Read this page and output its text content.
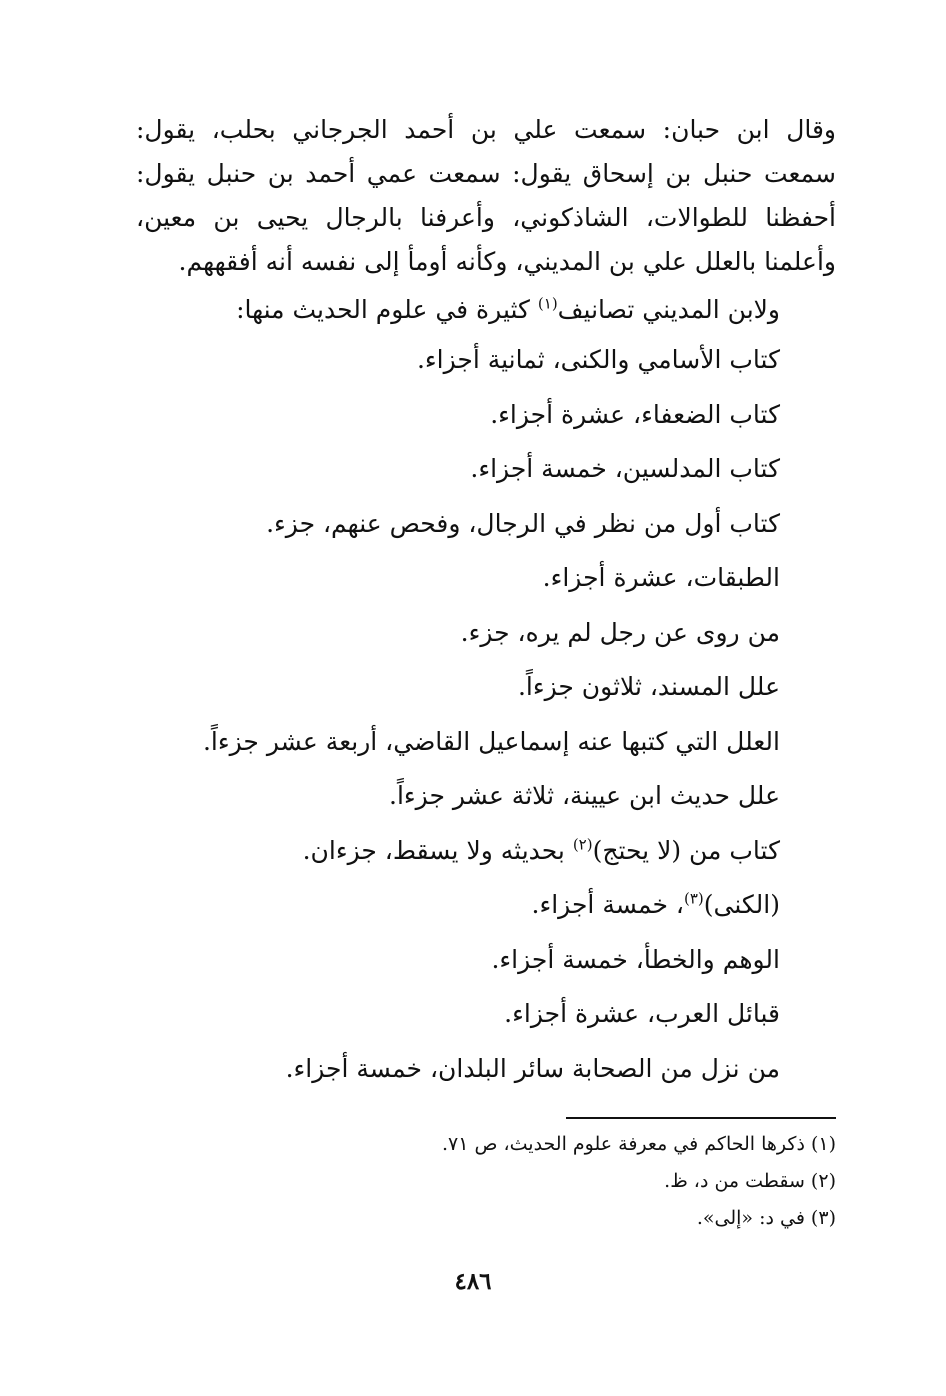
وقال ابن حبان: سمعت علي بن أحمد الجرجاني بحلب، يقول: سمعت حنبل بن إسحاق يقول: سمعت عمي أحمد بن حنبل يقول: أحفظنا للطوالات، الشاذكوني، وأعرفنا بالرجال يحيى بن معين، وأعلمنا بالعلل علي بن المديني، وكأنه أومأ إلى نفسه أنه أفقههم.

ولابن المديني تصانيف$^{(١)}$ كثيرة في علوم الحديث منها:
كتاب الأسامي والكنى، ثمانية أجزاء.
كتاب الضعفاء، عشرة أجزاء.
كتاب المدلسين، خمسة أجزاء.
كتاب أول من نظر في الرجال، وفحص عنهم، جزء.
الطبقات، عشرة أجزاء.
من روى عن رجل لم يره، جزء.
علل المسند، ثلاثون جزءاً.
العلل التي كتبها عنه إسماعيل القاضي، أربعة عشر جزءاً.
علل حديث ابن عيينة، ثلاثة عشر جزءاً.
كتاب من (لا يحتج)$^{(٢)}$ بحديثه ولا يسقط، جزءان.
(الكنى)$^{(٣)}$، خمسة أجزاء.
الوهم والخطأ، خمسة أجزاء.
قبائل العرب، عشرة أجزاء.
من نزل من الصحابة سائر البلدان، خمسة أجزاء.
(١) ذكرها الحاكم في معرفة علوم الحديث، ص ٧١.
(٢) سقطت من د، ظ.
(٣) في د: «إلى».
٤٨٦
